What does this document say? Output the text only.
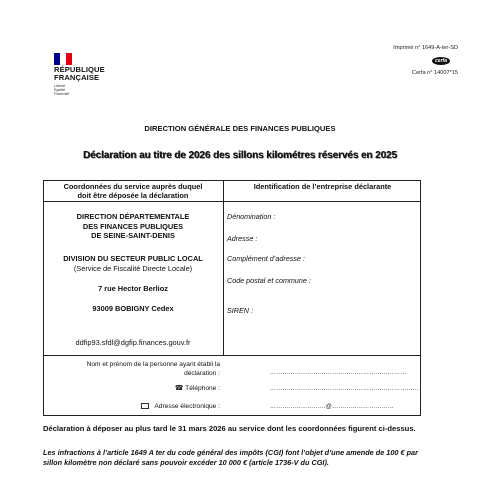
RÉPUBLIQUE
FRANÇAISE
Liberté
Égalité
Fraternité
Imprimé n° 1649-A-ter-SD
cerfa
Cerfa n° 14007*15
DIRECTION GÉNÉRALE DES FINANCES PUBLIQUES
Déclaration au titre de 2026 des sillons kilométres réservés en 2025
Coordonnées du service auprès duquel
doit être déposée la déclaration
Identification de l’entreprise déclarante
DIRECTION DÉPARTEMENTALE
DES FINANCES PUBLIQUES
DE SEINE-SAINT-DENIS
DIVISION DU SECTEUR PUBLIC LOCAL
(Service de Fiscalité Directe Locale)
7 rue Hector Berlioz
93009 BOBIGNY Cedex
ddfip93.sfdl@dgfip.finances.gouv.fr
Dénomination :
Adresse :
Complément d’adresse :
Code postal et commune :
SIREN :
Nom et prénom de la personne ayant établi la
déclaration :	…………………………………………………………
☎ Téléphone :	………………………………………………………………
Adresse électronique :	………………………@…………………………
Déclaration à déposer au plus tard le 31 mars 2026 au service dont les coordonnées figurent ci-dessus.
Les infractions à l’article 1649 A ter du code général des impôts (CGI) font l’objet d’une amende de 100 € par sillon kilomètre non déclaré sans pouvoir excéder 10 000 € (article 1736-V du CGI).
